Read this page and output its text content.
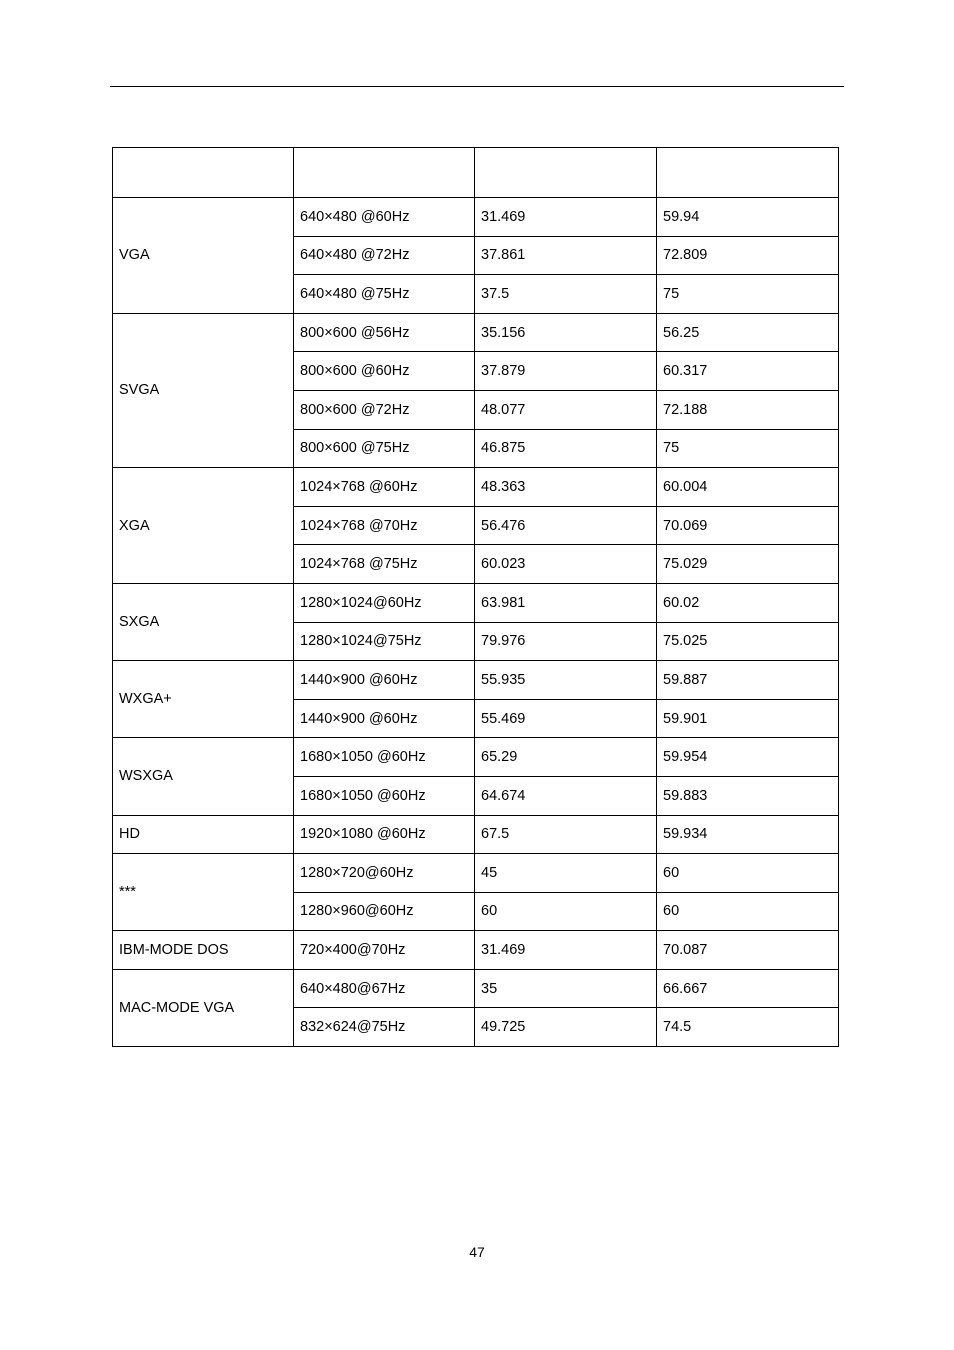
VGA	640×480 @60Hz	31.469	59.94
	640×480 @72Hz	37.861	72.809
	640×480 @75Hz	37.5	75
SVGA	800×600 @56Hz	35.156	56.25
	800×600 @60Hz	37.879	60.317
	800×600 @72Hz	48.077	72.188
	800×600 @75Hz	46.875	75
XGA	1024×768 @60Hz	48.363	60.004
	1024×768 @70Hz	56.476	70.069
	1024×768 @75Hz	60.023	75.029
SXGA	1280×1024@60Hz	63.981	60.02
	1280×1024@75Hz	79.976	75.025
WXGA+	1440×900 @60Hz	55.935	59.887
	1440×900 @60Hz	55.469	59.901
WSXGA	1680×1050 @60Hz	65.29	59.954
	1680×1050 @60Hz	64.674	59.883
HD	1920×1080 @60Hz	67.5	59.934
***	1280×720@60Hz	45	60
	1280×960@60Hz	60	60
IBM-MODE DOS	720×400@70Hz	31.469	70.087
MAC-MODE VGA	640×480@67Hz	35	66.667
	832×624@75Hz	49.725	74.5
47
